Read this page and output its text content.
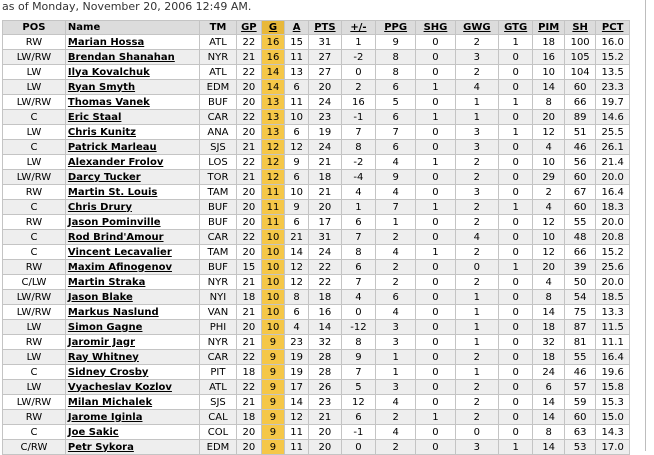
as of Monday, November 20, 2006 12:49 AM.
POS	Name	TM	GP	G	A	PTS	+/-	PPG	SHG	GWG	GTG	PIM	SH	PCT
RW	Marian Hossa	ATL	22	16	15	31	1	9	0	2	1	18	100	16.0
LW/RW	Brendan Shanahan	NYR	21	16	11	27	-2	8	0	3	0	16	105	15.2
LW	Ilya Kovalchuk	ATL	22	14	13	27	0	8	0	2	0	10	104	13.5
LW	Ryan Smyth	EDM	20	14	6	20	2	6	1	4	0	14	60	23.3
LW/RW	Thomas Vanek	BUF	20	13	11	24	16	5	0	1	1	8	66	19.7
C	Eric Staal	CAR	22	13	10	23	-1	6	1	1	0	20	89	14.6
LW	Chris Kunitz	ANA	20	13	6	19	7	7	0	3	1	12	51	25.5
C	Patrick Marleau	SJS	21	12	12	24	8	6	0	3	0	4	46	26.1
LW	Alexander Frolov	LOS	22	12	9	21	-2	4	1	2	0	10	56	21.4
LW/RW	Darcy Tucker	TOR	21	12	6	18	-4	9	0	2	0	29	60	20.0
RW	Martin St. Louis	TAM	20	11	10	21	4	4	0	3	0	2	67	16.4
C	Chris Drury	BUF	20	11	9	20	1	7	1	2	1	4	60	18.3
RW	Jason Pominville	BUF	20	11	6	17	6	1	0	2	0	12	55	20.0
C	Rod Brind'Amour	CAR	22	10	21	31	7	2	0	4	0	10	48	20.8
C	Vincent Lecavalier	TAM	20	10	14	24	8	4	1	2	0	12	66	15.2
RW	Maxim Afinogenov	BUF	15	10	12	22	6	2	0	0	1	20	39	25.6
C/LW	Martin Straka	NYR	21	10	12	22	7	2	0	2	0	4	50	20.0
LW/RW	Jason Blake	NYI	18	10	8	18	4	6	0	1	0	8	54	18.5
LW/RW	Markus Naslund	VAN	21	10	6	16	0	4	0	1	0	14	75	13.3
LW	Simon Gagne	PHI	20	10	4	14	-12	3	0	1	0	18	87	11.5
RW	Jaromir Jagr	NYR	21	9	23	32	8	3	0	1	0	32	81	11.1
LW	Ray Whitney	CAR	22	9	19	28	9	1	0	2	0	18	55	16.4
C	Sidney Crosby	PIT	18	9	19	28	7	1	0	1	0	24	46	19.6
LW	Vyacheslav Kozlov	ATL	22	9	17	26	5	3	0	2	0	6	57	15.8
LW/RW	Milan Michalek	SJS	21	9	14	23	12	4	0	2	0	14	59	15.3
RW	Jarome Iginla	CAL	18	9	12	21	6	2	1	2	0	14	60	15.0
C	Joe Sakic	COL	20	9	11	20	-1	4	0	0	0	8	63	14.3
C/RW	Petr Sykora	EDM	20	9	11	20	0	2	0	3	1	14	53	17.0
